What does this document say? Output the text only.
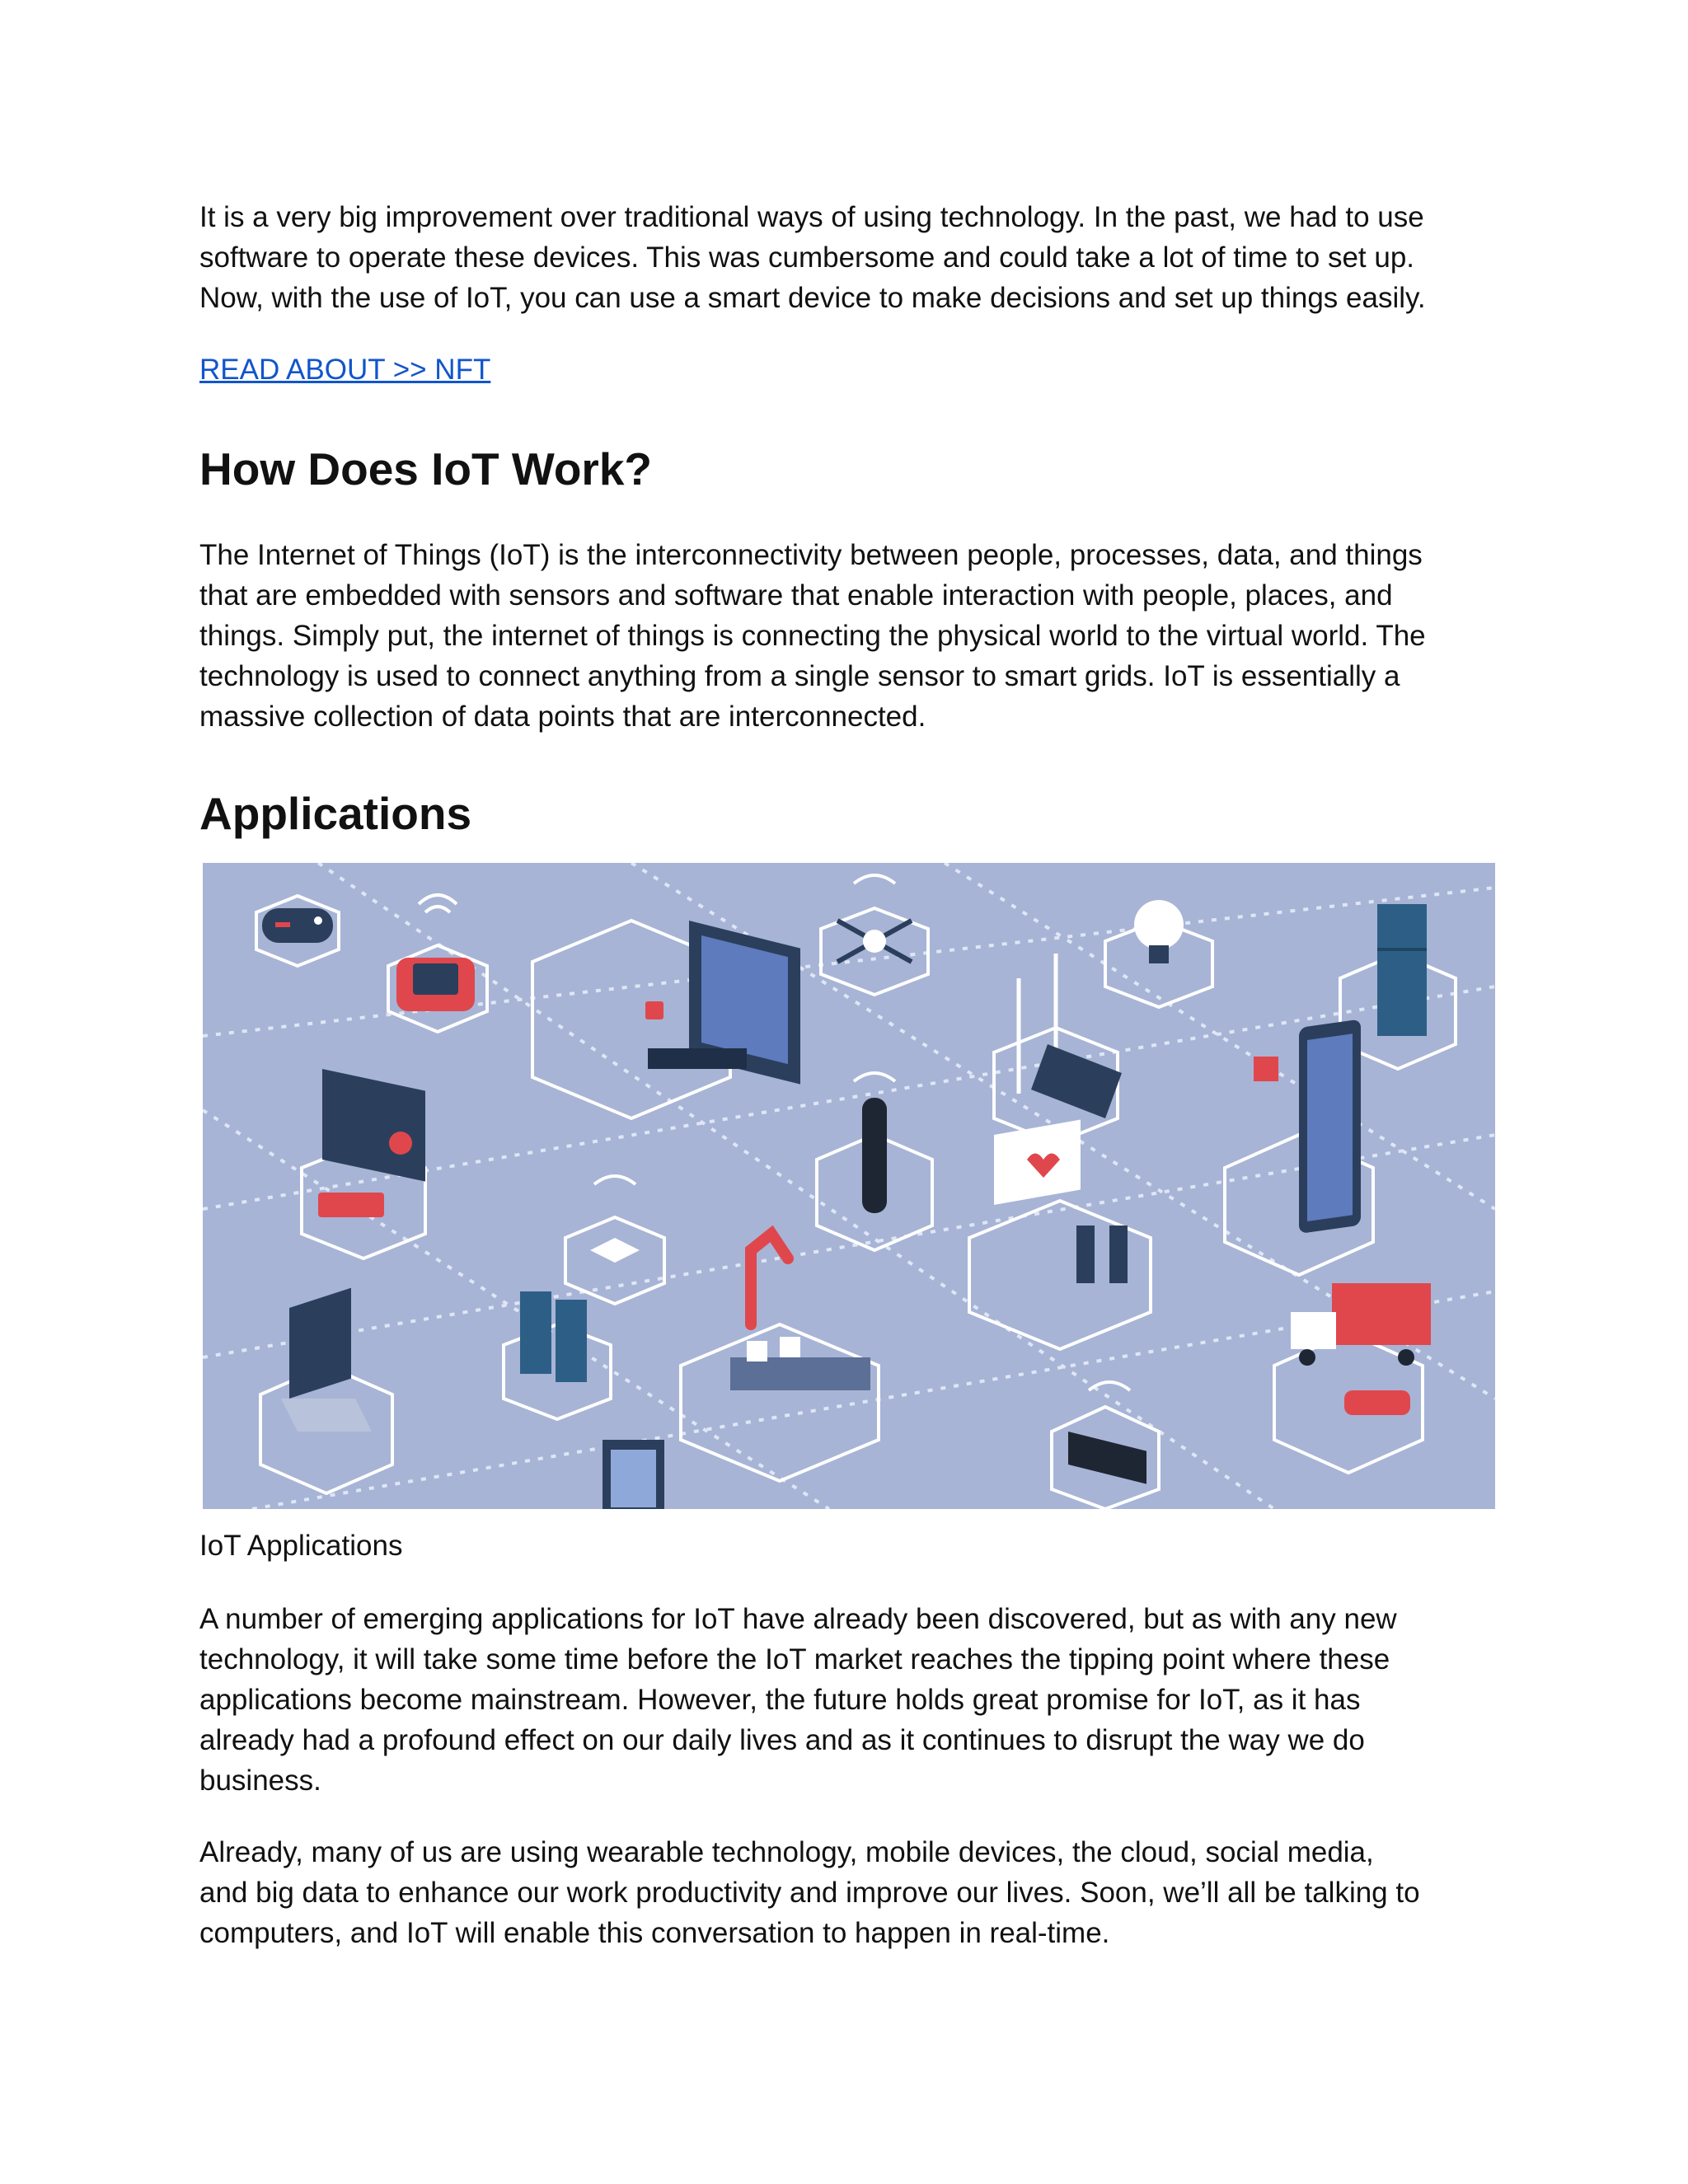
It is a very big improvement over traditional ways of using technology. In the past, we had to use
software to operate these devices. This was cumbersome and could take a lot of time to set up.
Now, with the use of IoT, you can use a smart device to make decisions and set up things easily.

READ ABOUT >> NFT
How Does IoT Work?

The Internet of Things (IoT) is the interconnectivity between people, processes, data, and things
that are embedded with sensors and software that enable interaction with people, places, and
things. Simply put, the internet of things is connecting the physical world to the virtual world. The
technology is used to connect anything from a single sensor to smart grids. IoT is essentially a
massive collection of data points that are interconnected.

Applications
IoT Applications

A number of emerging applications for IoT have already been discovered, but as with any new
technology, it will take some time before the IoT market reaches the tipping point where these
applications become mainstream. However, the future holds great promise for IoT, as it has
already had a profound effect on our daily lives and as it continues to disrupt the way we do
business.

Already, many of us are using wearable technology, mobile devices, the cloud, social media,
and big data to enhance our work productivity and improve our lives. Soon, we’ll all be talking to
computers, and IoT will enable this conversation to happen in real-time.
